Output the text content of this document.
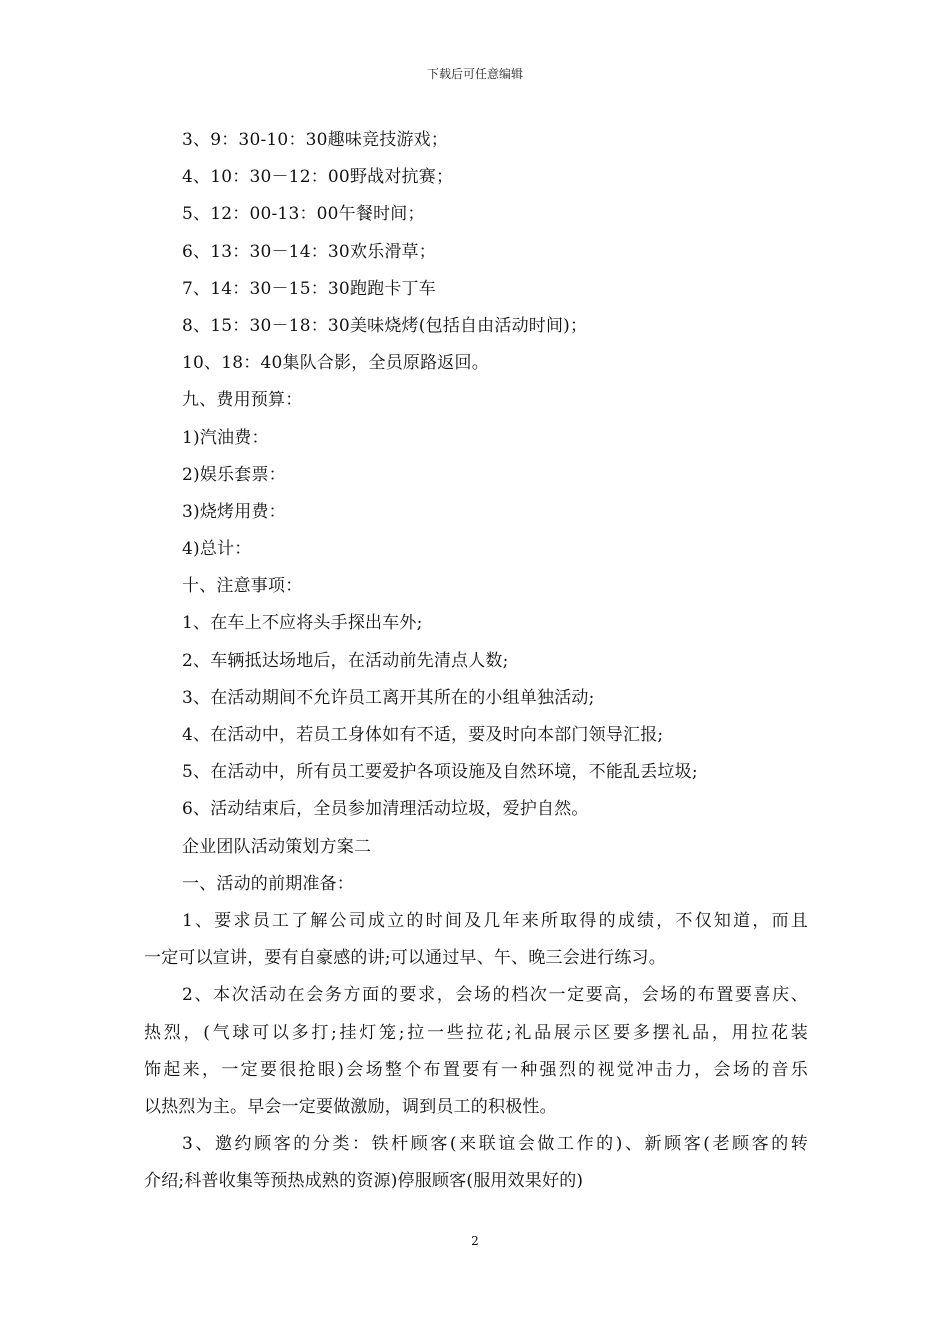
下载后可任意编辑
3、9：30-10：30趣味竞技游戏；
4、10：30－12：00野战对抗赛；
5、12：00-13：00午餐时间；
6、13：30－14：30欢乐滑草；
7、14：30－15：30跑跑卡丁车
8、15：30－18：30美味烧烤(包括自由活动时间)；
10、18：40集队合影，全员原路返回。
九、费用预算：
1)汽油费：
2)娱乐套票：
3)烧烤用费：
4)总计：
十、注意事项：
1、在车上不应将头手探出车外;
2、车辆抵达场地后，在活动前先清点人数;
3、在活动期间不允许员工离开其所在的小组单独活动;
4、在活动中，若员工身体如有不适，要及时向本部门领导汇报;
5、在活动中，所有员工要爱护各项设施及自然环境，不能乱丢垃圾;
6、活动结束后，全员参加清理活动垃圾，爱护自然。
企业团队活动策划方案二
一、活动的前期准备：
1、要求员工了解公司成立的时间及几年来所取得的成绩，不仅知道，而且
一定可以宣讲，要有自豪感的讲;可以通过早、午、晚三会进行练习。
2、本次活动在会务方面的要求，会场的档次一定要高，会场的布置要喜庆、
热烈，(气球可以多打;挂灯笼;拉一些拉花;礼品展示区要多摆礼品，用拉花装
饰起来，一定要很抢眼)会场整个布置要有一种强烈的视觉冲击力，会场的音乐
以热烈为主。早会一定要做激励，调到员工的积极性。
3、邀约顾客的分类：铁杆顾客(来联谊会做工作的)、新顾客(老顾客的转
介绍;科普收集等预热成熟的资源)停服顾客(服用效果好的)
2
